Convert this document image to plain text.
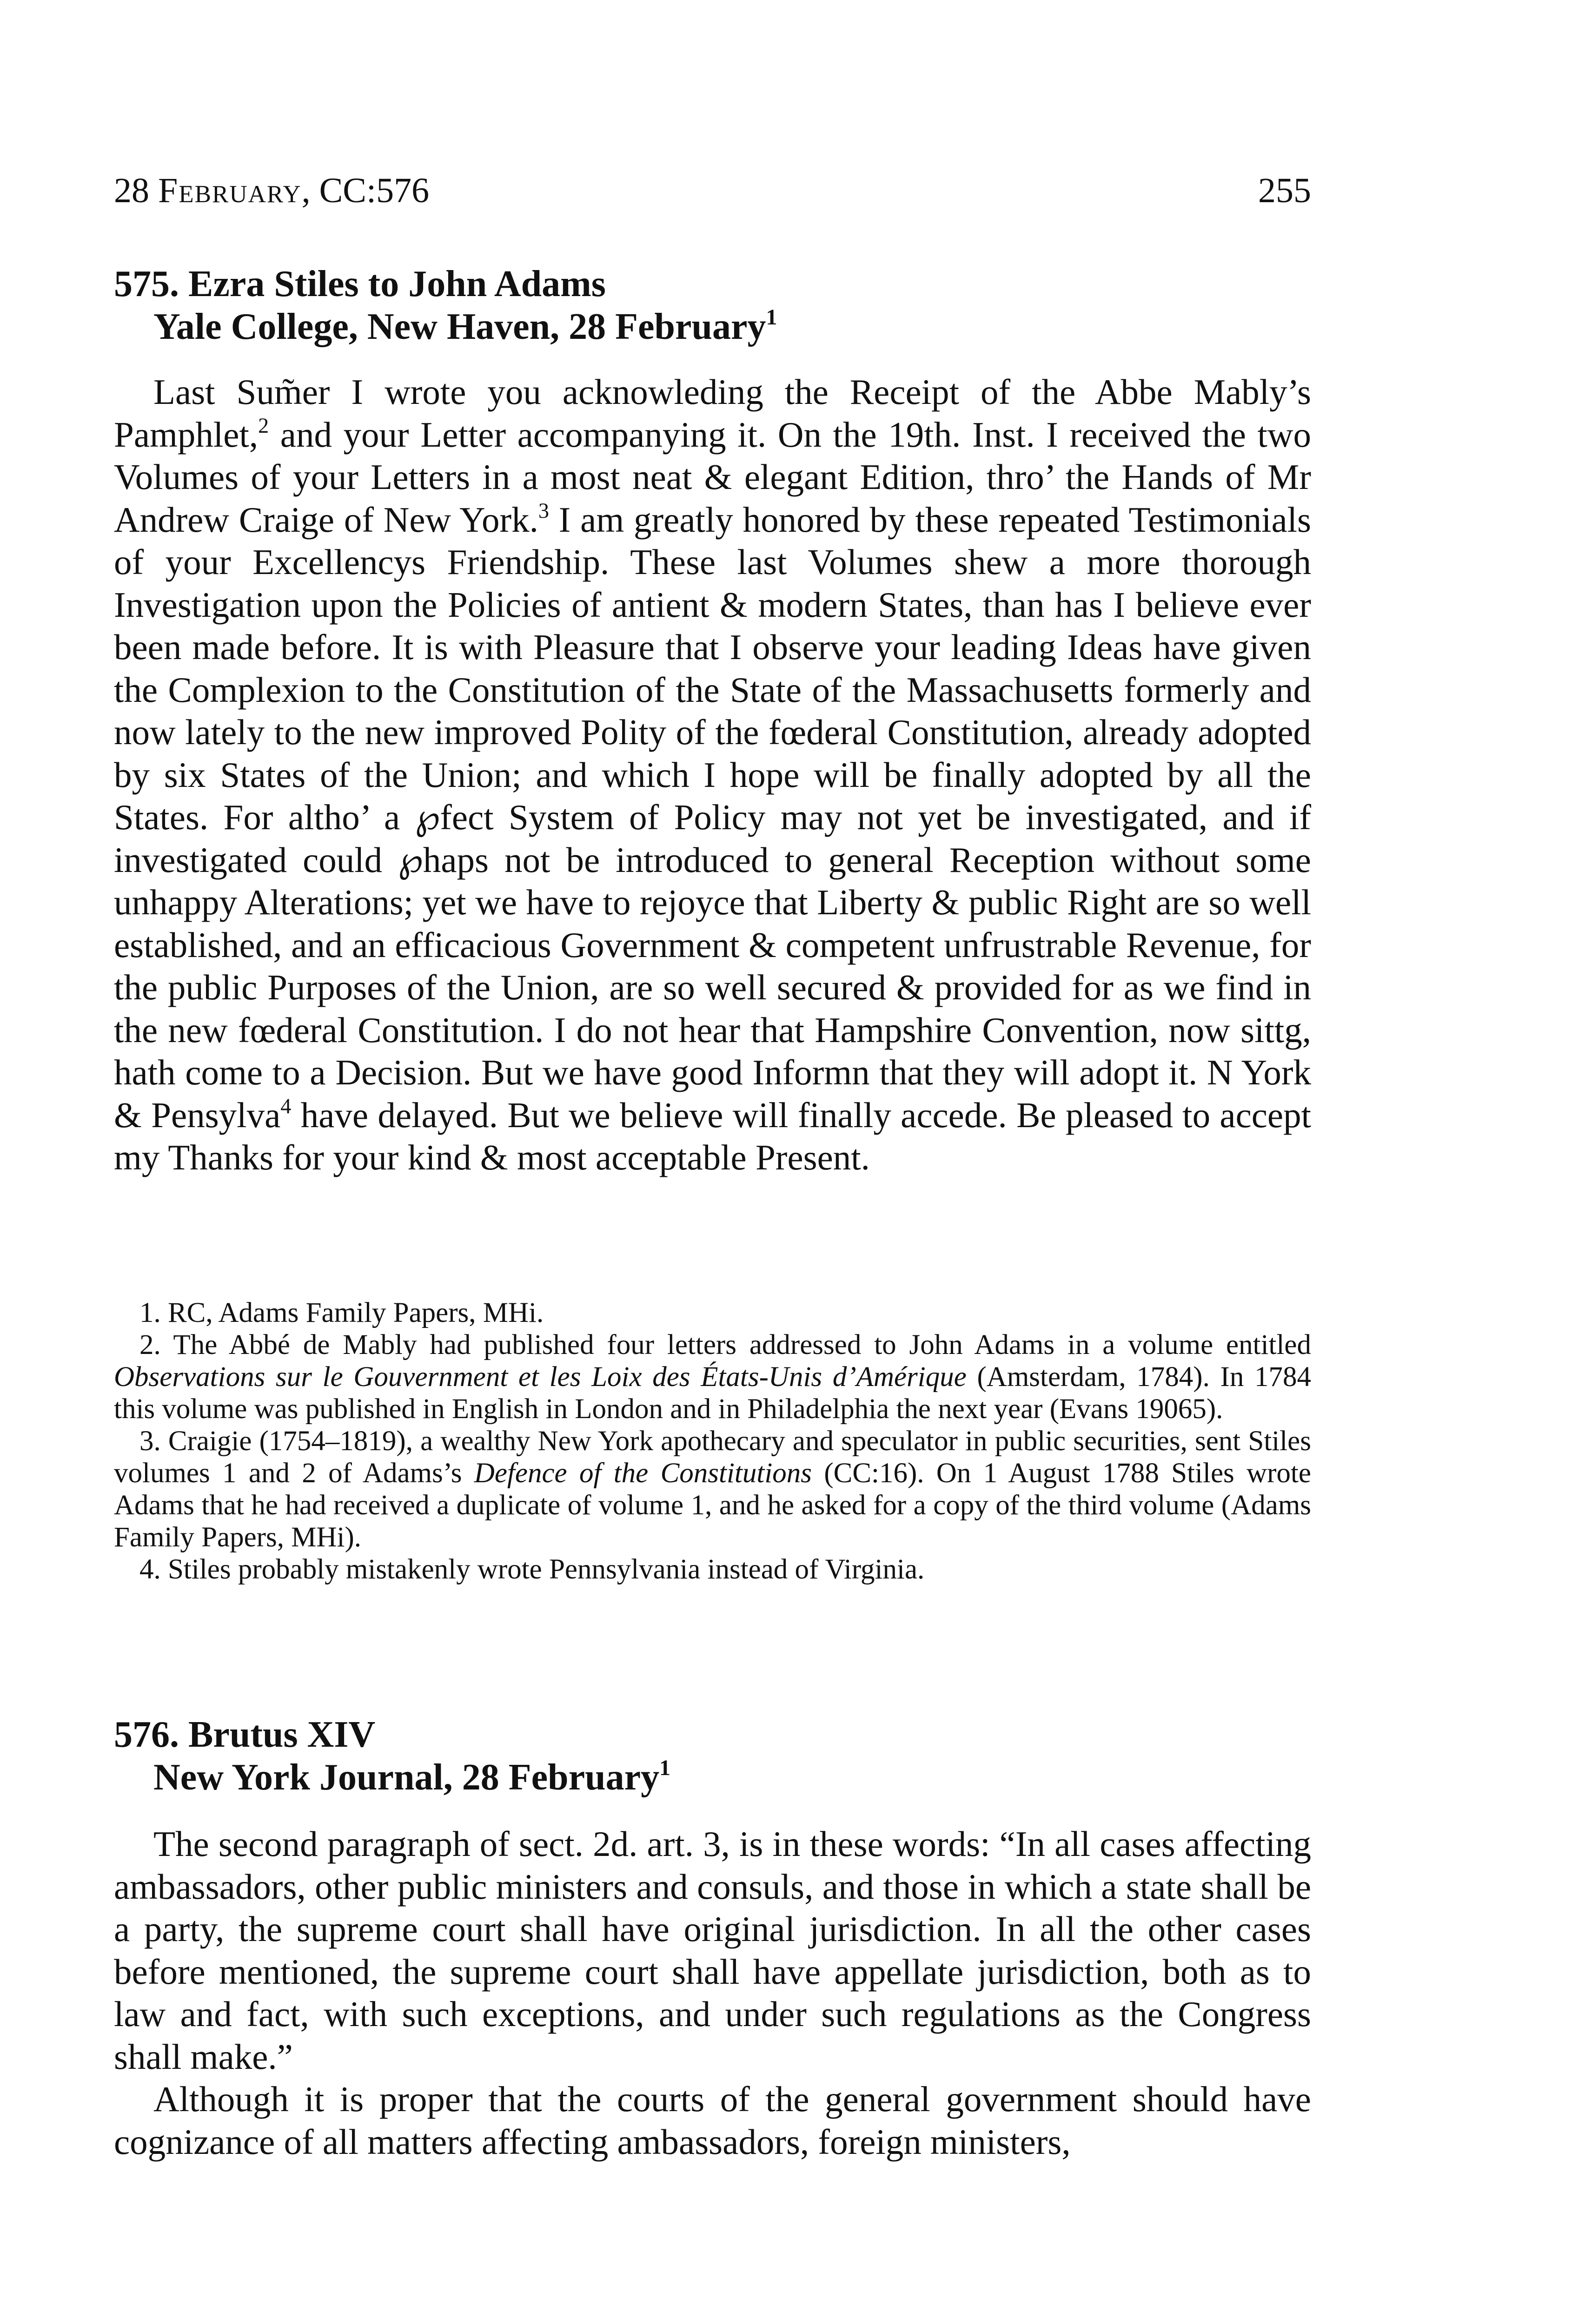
28 February, CC:576	255
575. Ezra Stiles to John Adams
Yale College, New Haven, 28 February$^1$

Last Sum̃er I wrote you acknowleding the Receipt of the Abbe Mably’s Pamphlet,$^2$ and your Letter accompanying it. On the 19th. Inst. I received the two Volumes of your Letters in a most neat & elegant Edition, thro’ the Hands of Mr Andrew Craige of New York.$^3$ I am greatly honored by these repeated Testimonials of your Excellencys Friendship. These last Volumes shew a more thorough Investigation upon the Policies of antient & modern States, than has I believe ever been made before. It is with Pleasure that I observe your leading Ideas have given the Complexion to the Constitution of the State of the Massachusetts formerly and now lately to the new improved Polity of the fœderal Constitution, already adopted by six States of the Union; and which I hope will be finally adopted by all the States. For altho’ a ℘fect System of Policy may not yet be investigated, and if investigated could ℘haps not be introduced to general Reception without some unhappy Alterations; yet we have to rejoyce that Liberty & public Right are so well established, and an efficacious Government & competent unfrustrable Revenue, for the public Purposes of the Union, are so well secured & provided for as we find in the new fœderal Constitution. I do not hear that Hampshire Convention, now sittg, hath come to a Decision. But we have good Informn that they will adopt it. N York & Pensylva$^4$ have delayed. But we believe will finally accede. Be pleased to accept my Thanks for your kind & most acceptable Present.

1. RC, Adams Family Papers, MHi.

2. The Abbé de Mably had published four letters addressed to John Adams in a volume entitled Observations sur le Gouvernment et les Loix des États-Unis d’Amérique (Amsterdam, 1784). In 1784 this volume was published in English in London and in Philadelphia the next year (Evans 19065).

3. Craigie (1754–1819), a wealthy New York apothecary and speculator in public securities, sent Stiles volumes 1 and 2 of Adams’s Defence of the Constitutions (CC:16). On 1 August 1788 Stiles wrote Adams that he had received a duplicate of volume 1, and he asked for a copy of the third volume (Adams Family Papers, MHi).

4. Stiles probably mistakenly wrote Pennsylvania instead of Virginia.

576. Brutus XIV
New York Journal, 28 February$^1$

The second paragraph of sect. 2d. art. 3, is in these words: “In all cases affecting ambassadors, other public ministers and consuls, and those in which a state shall be a party, the supreme court shall have original jurisdiction. In all the other cases before mentioned, the supreme court shall have appellate jurisdiction, both as to law and fact, with such exceptions, and under such regulations as the Congress shall make.”

Although it is proper that the courts of the general government should have cognizance of all matters affecting ambassadors, foreign ministers,
